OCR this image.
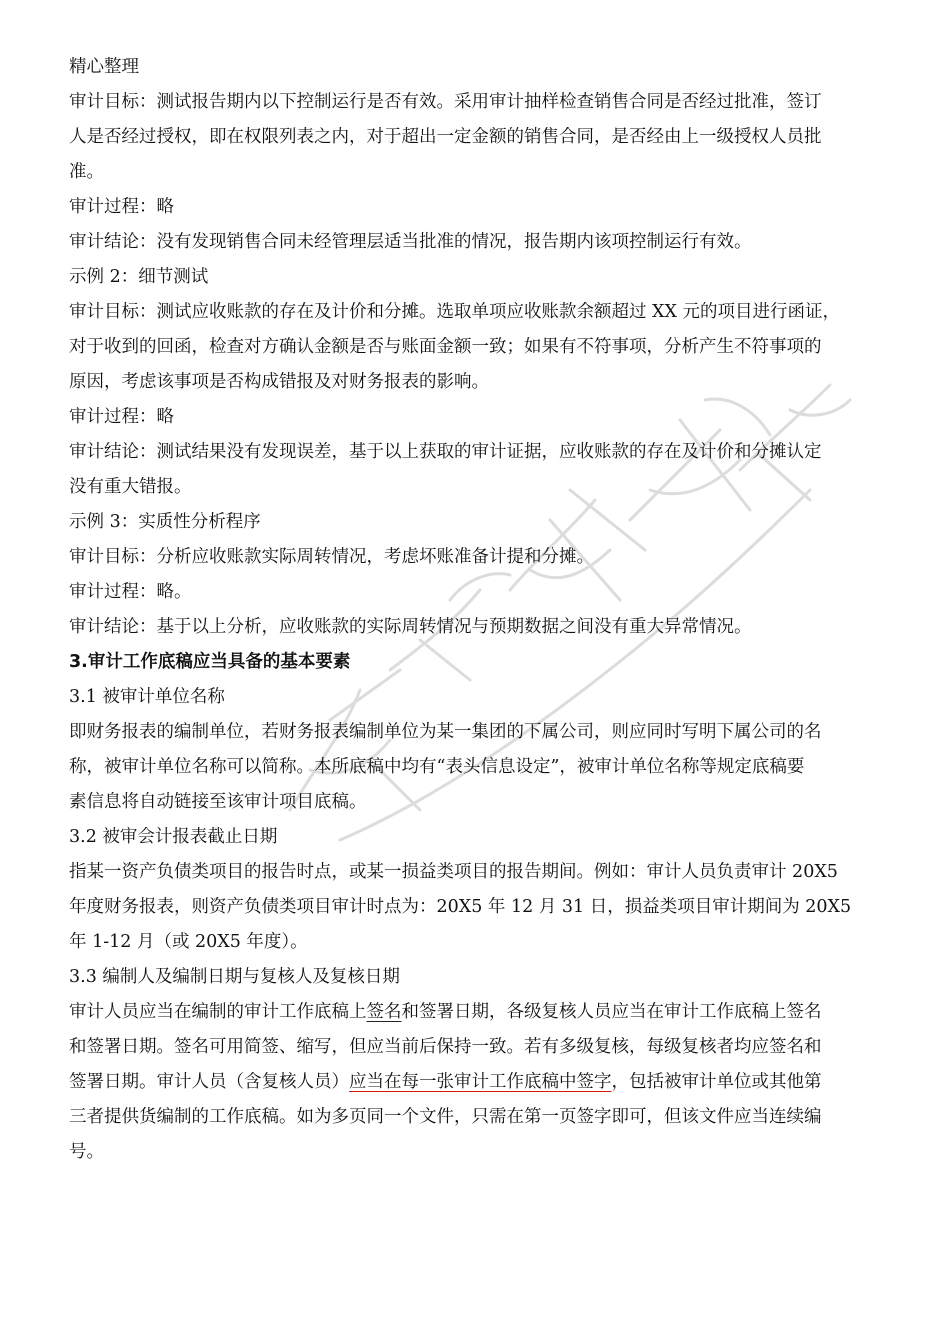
精心整理
审计目标：测试报告期内以下控制运行是否有效。采用审计抽样检查销售合同是否经过批准，签订
人是否经过授权，即在权限列表之内，对于超出一定金额的销售合同，是否经由上一级授权人员批
准。
审计过程：略
审计结论：没有发现销售合同未经管理层适当批准的情况，报告期内该项控制运行有效。
示例 2：细节测试
审计目标：测试应收账款的存在及计价和分摊。选取单项应收账款余额超过 XX 元的项目进行函证，
对于收到的回函，检查对方确认金额是否与账面金额一致；如果有不符事项，分析产生不符事项的
原因，考虑该事项是否构成错报及对财务报表的影响。
审计过程：略
审计结论：测试结果没有发现误差，基于以上获取的审计证据，应收账款的存在及计价和分摊认定
没有重大错报。
示例 3：实质性分析程序
审计目标：分析应收账款实际周转情况，考虑坏账准备计提和分摊。
审计过程：略。
审计结论：基于以上分析，应收账款的实际周转情况与预期数据之间没有重大异常情况。
3.审计工作底稿应当具备的基本要素
3.1 被审计单位名称
即财务报表的编制单位，若财务报表编制单位为某一集团的下属公司，则应同时写明下属公司的名
称，被审计单位名称可以简称。本所底稿中均有“表头信息设定”，被审计单位名称等规定底稿要
素信息将自动链接至该审计项目底稿。
3.2 被审会计报表截止日期
指某一资产负债类项目的报告时点，或某一损益类项目的报告期间。例如：审计人员负责审计 20X5
年度财务报表，则资产负债类项目审计时点为：20X5 年 12 月 31 日，损益类项目审计期间为 20X5
年 1-12 月（或 20X5 年度）。
3.3 编制人及编制日期与复核人及复核日期
审计人员应当在编制的审计工作底稿上签名和签署日期，各级复核人员应当在审计工作底稿上签名
和签署日期。签名可用简签、缩写，但应当前后保持一致。若有多级复核，每级复核者均应签名和
签署日期。审计人员（含复核人员）应当在每一张审计工作底稿中签字，包括被审计单位或其他第
三者提供货编制的工作底稿。如为多页同一个文件，只需在第一页签字即可，但该文件应当连续编
号。
